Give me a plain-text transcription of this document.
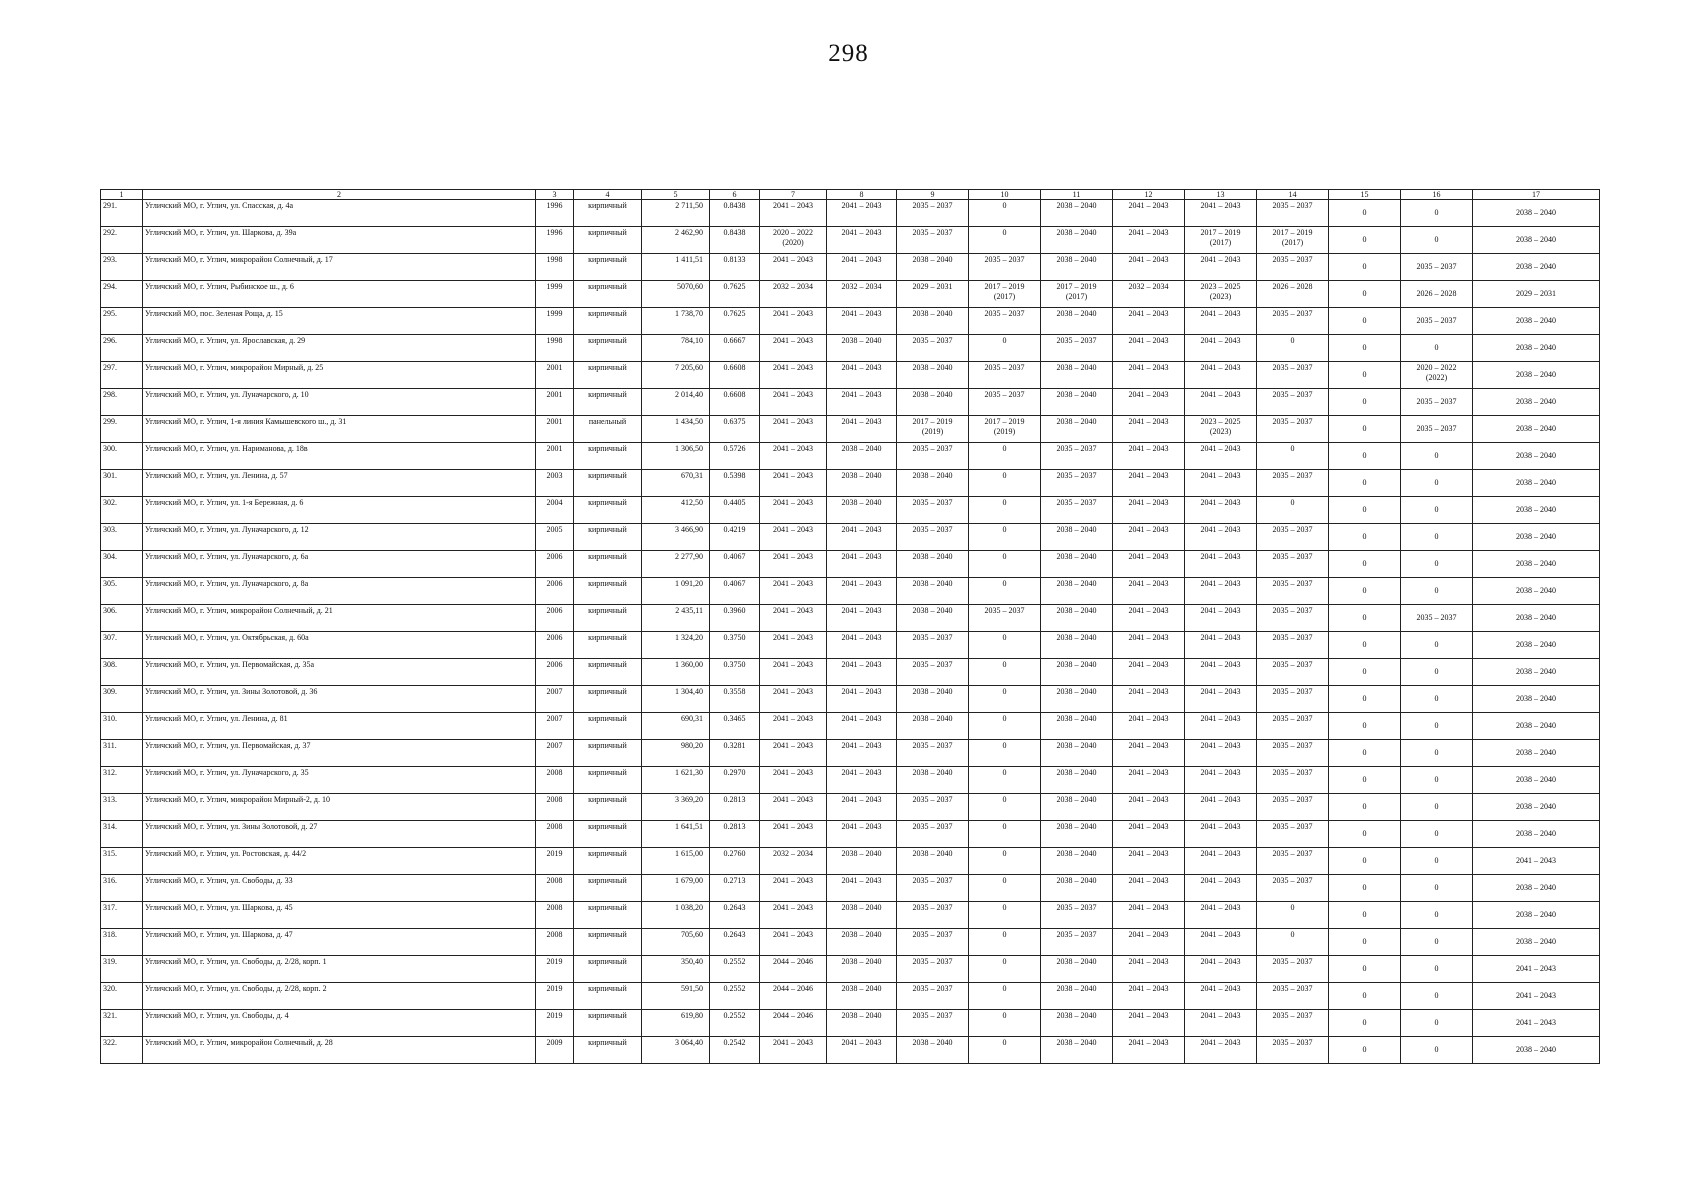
298
1	2	3	4	5	6	7	8	9	10	11	12	13	14	15	16	17
291.	Угличский МО, г. Углич, ул. Спасская, д. 4а	1996	кирпичный	2 711,50	0.8438	2041 – 2043	2041 – 2043	2035 – 2037	0	2038 – 2040	2041 – 2043	2041 – 2043	2035 – 2037	0	0	2038 – 2040

292.	Угличский МО, г. Углич, ул. Шаркова, д. 39а	1996	кирпичный	2 462,90	0.8438	2020 – 2022
(2020)	2041 – 2043	2035 – 2037	0	2038 – 2040	2041 – 2043	2017 – 2019
(2017)	2017 – 2019
(2017)	0	0	2038 – 2040

293.	Угличский МО, г. Углич, микрорайон Солнечный, д. 17	1998	кирпичный	1 411,51	0.8133	2041 – 2043	2041 – 2043	2038 – 2040	2035 – 2037	2038 – 2040	2041 – 2043	2041 – 2043	2035 – 2037	0	2035 – 2037	2038 – 2040

294.	Угличский МО, г. Углич, Рыбинское ш., д. 6	1999	кирпичный	5070,60	0.7625	2032 – 2034	2032 – 2034	2029 – 2031	2017 – 2019
(2017)	2017 – 2019
(2017)	2032 – 2034	2023 – 2025
(2023)	2026 – 2028	0	2026 – 2028	2029 – 2031

295.	Угличский МО, пос. Зеленая Роща, д. 15	1999	кирпичный	1 738,70	0.7625	2041 – 2043	2041 – 2043	2038 – 2040	2035 – 2037	2038 – 2040	2041 – 2043	2041 – 2043	2035 – 2037	0	2035 – 2037	2038 – 2040

296.	Угличский МО, г. Углич, ул. Ярославская, д. 29	1998	кирпичный	784,10	0.6667	2041 – 2043	2038 – 2040	2035 – 2037	0	2035 – 2037	2041 – 2043	2041 – 2043	0	0	0	2038 – 2040

297.	Угличский МО, г. Углич, микрорайон Мирный, д. 25	2001	кирпичный	7 205,60	0.6608	2041 – 2043	2041 – 2043	2038 – 2040	2035 – 2037	2038 – 2040	2041 – 2043	2041 – 2043	2035 – 2037	0	2020 – 2022
(2022)	2038 – 2040

298.	Угличский МО, г. Углич, ул. Луначарского, д. 10	2001	кирпичный	2 014,40	0.6608	2041 – 2043	2041 – 2043	2038 – 2040	2035 – 2037	2038 – 2040	2041 – 2043	2041 – 2043	2035 – 2037	0	2035 – 2037	2038 – 2040

299.	Угличский МО, г. Углич, 1-я линия Камышевского ш., д. 31	2001	панельный	1 434,50	0.6375	2041 – 2043	2041 – 2043	2017 – 2019
(2019)	2017 – 2019
(2019)	2038 – 2040	2041 – 2043	2023 – 2025
(2023)	2035 – 2037	0	2035 – 2037	2038 – 2040

300.	Угличский МО, г. Углич, ул. Нариманова, д. 18в	2001	кирпичный	1 306,50	0.5726	2041 – 2043	2038 – 2040	2035 – 2037	0	2035 – 2037	2041 – 2043	2041 – 2043	0	0	0	2038 – 2040

301.	Угличский МО, г. Углич, ул. Ленина, д. 57	2003	кирпичный	670,31	0.5398	2041 – 2043	2038 – 2040	2038 – 2040	0	2035 – 2037	2041 – 2043	2041 – 2043	2035 – 2037	0	0	2038 – 2040

302.	Угличский МО, г. Углич, ул. 1-я Бережная, д. 6	2004	кирпичный	412,50	0.4405	2041 – 2043	2038 – 2040	2035 – 2037	0	2035 – 2037	2041 – 2043	2041 – 2043	0	0	0	2038 – 2040

303.	Угличский МО, г. Углич, ул. Луначарского, д. 12	2005	кирпичный	3 466,90	0.4219	2041 – 2043	2041 – 2043	2035 – 2037	0	2038 – 2040	2041 – 2043	2041 – 2043	2035 – 2037	0	0	2038 – 2040

304.	Угличский МО, г. Углич, ул. Луначарского, д. 6а	2006	кирпичный	2 277,90	0.4067	2041 – 2043	2041 – 2043	2038 – 2040	0	2038 – 2040	2041 – 2043	2041 – 2043	2035 – 2037	0	0	2038 – 2040

305.	Угличский МО, г. Углич, ул. Луначарского, д. 8а	2006	кирпичный	1 091,20	0.4067	2041 – 2043	2041 – 2043	2038 – 2040	0	2038 – 2040	2041 – 2043	2041 – 2043	2035 – 2037	0	0	2038 – 2040

306.	Угличский МО, г. Углич, микрорайон Солнечный, д. 21	2006	кирпичный	2 435,11	0.3960	2041 – 2043	2041 – 2043	2038 – 2040	2035 – 2037	2038 – 2040	2041 – 2043	2041 – 2043	2035 – 2037	0	2035 – 2037	2038 – 2040

307.	Угличский МО, г. Углич, ул. Октябрьская, д. 60а	2006	кирпичный	1 324,20	0.3750	2041 – 2043	2041 – 2043	2035 – 2037	0	2038 – 2040	2041 – 2043	2041 – 2043	2035 – 2037	0	0	2038 – 2040

308.	Угличский МО, г. Углич, ул. Первомайская, д. 35а	2006	кирпичный	1 360,00	0.3750	2041 – 2043	2041 – 2043	2035 – 2037	0	2038 – 2040	2041 – 2043	2041 – 2043	2035 – 2037	0	0	2038 – 2040

309.	Угличский МО, г. Углич, ул. Зины Золотовой, д. 36	2007	кирпичный	1 304,40	0.3558	2041 – 2043	2041 – 2043	2038 – 2040	0	2038 – 2040	2041 – 2043	2041 – 2043	2035 – 2037	0	0	2038 – 2040

310.	Угличский МО, г. Углич, ул. Ленина, д. 81	2007	кирпичный	690,31	0.3465	2041 – 2043	2041 – 2043	2038 – 2040	0	2038 – 2040	2041 – 2043	2041 – 2043	2035 – 2037	0	0	2038 – 2040

311.	Угличский МО, г. Углич, ул. Первомайская, д. 37	2007	кирпичный	980,20	0.3281	2041 – 2043	2041 – 2043	2035 – 2037	0	2038 – 2040	2041 – 2043	2041 – 2043	2035 – 2037	0	0	2038 – 2040

312.	Угличский МО, г. Углич, ул. Луначарского, д. 35	2008	кирпичный	1 621,30	0.2970	2041 – 2043	2041 – 2043	2038 – 2040	0	2038 – 2040	2041 – 2043	2041 – 2043	2035 – 2037	0	0	2038 – 2040

313.	Угличский МО, г. Углич, микрорайон Мирный-2, д. 10	2008	кирпичный	3 369,20	0.2813	2041 – 2043	2041 – 2043	2035 – 2037	0	2038 – 2040	2041 – 2043	2041 – 2043	2035 – 2037	0	0	2038 – 2040

314.	Угличский МО, г. Углич, ул. Зины Золотовой, д. 27	2008	кирпичный	1 641,51	0.2813	2041 – 2043	2041 – 2043	2035 – 2037	0	2038 – 2040	2041 – 2043	2041 – 2043	2035 – 2037	0	0	2038 – 2040

315.	Угличский МО, г. Углич, ул. Ростовская, д. 44/2	2019	кирпичный	1 615,00	0.2760	2032 – 2034	2038 – 2040	2038 – 2040	0	2038 – 2040	2041 – 2043	2041 – 2043	2035 – 2037	0	0	2041 – 2043

316.	Угличский МО, г. Углич, ул. Свободы, д. 33	2008	кирпичный	1 679,00	0.2713	2041 – 2043	2041 – 2043	2035 – 2037	0	2038 – 2040	2041 – 2043	2041 – 2043	2035 – 2037	0	0	2038 – 2040

317.	Угличский МО, г. Углич, ул. Шаркова, д. 45	2008	кирпичный	1 038,20	0.2643	2041 – 2043	2038 – 2040	2035 – 2037	0	2035 – 2037	2041 – 2043	2041 – 2043	0	0	0	2038 – 2040

318.	Угличский МО, г. Углич, ул. Шаркова, д. 47	2008	кирпичный	705,60	0.2643	2041 – 2043	2038 – 2040	2035 – 2037	0	2035 – 2037	2041 – 2043	2041 – 2043	0	0	0	2038 – 2040

319.	Угличский МО, г. Углич, ул. Свободы, д. 2/28, корп. 1	2019	кирпичный	350,40	0.2552	2044 – 2046	2038 – 2040	2035 – 2037	0	2038 – 2040	2041 – 2043	2041 – 2043	2035 – 2037	0	0	2041 – 2043

320.	Угличский МО, г. Углич, ул. Свободы, д. 2/28, корп. 2	2019	кирпичный	591,50	0.2552	2044 – 2046	2038 – 2040	2035 – 2037	0	2038 – 2040	2041 – 2043	2041 – 2043	2035 – 2037	0	0	2041 – 2043

321.	Угличский МО, г. Углич, ул. Свободы, д. 4	2019	кирпичный	619,80	0.2552	2044 – 2046	2038 – 2040	2035 – 2037	0	2038 – 2040	2041 – 2043	2041 – 2043	2035 – 2037	0	0	2041 – 2043

322.	Угличский МО, г. Углич, микрорайон Солнечный, д. 28	2009	кирпичный	3 064,40	0.2542	2041 – 2043	2041 – 2043	2038 – 2040	0	2038 – 2040	2041 – 2043	2041 – 2043	2035 – 2037	0	0	2038 – 2040
